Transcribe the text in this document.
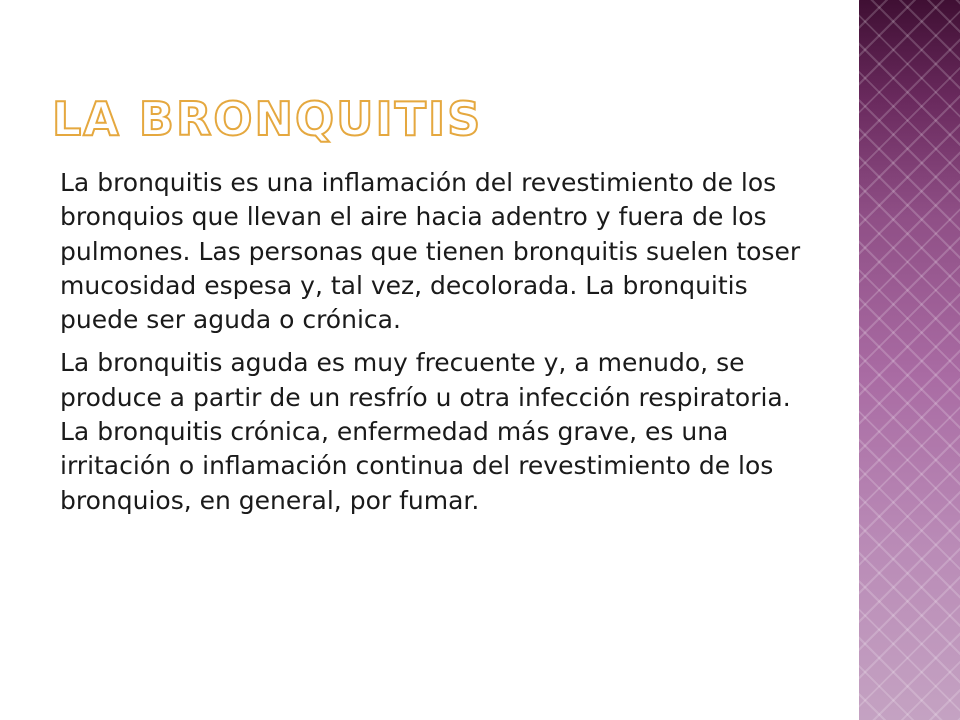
LA BRONQUITIS

La bronquitis es una inflamación del revestimiento de los bronquios que llevan el aire hacia adentro y fuera de los pulmones. Las personas que tienen bronquitis suelen toser mucosidad espesa y, tal vez, decolorada. La bronquitis puede ser aguda o crónica.

La bronquitis aguda es muy frecuente y, a menudo, se produce a partir de un resfrío u otra infección respiratoria. La bronquitis crónica, enfermedad más grave, es una irritación o inflamación continua del revestimiento de los bronquios, en general, por fumar.
